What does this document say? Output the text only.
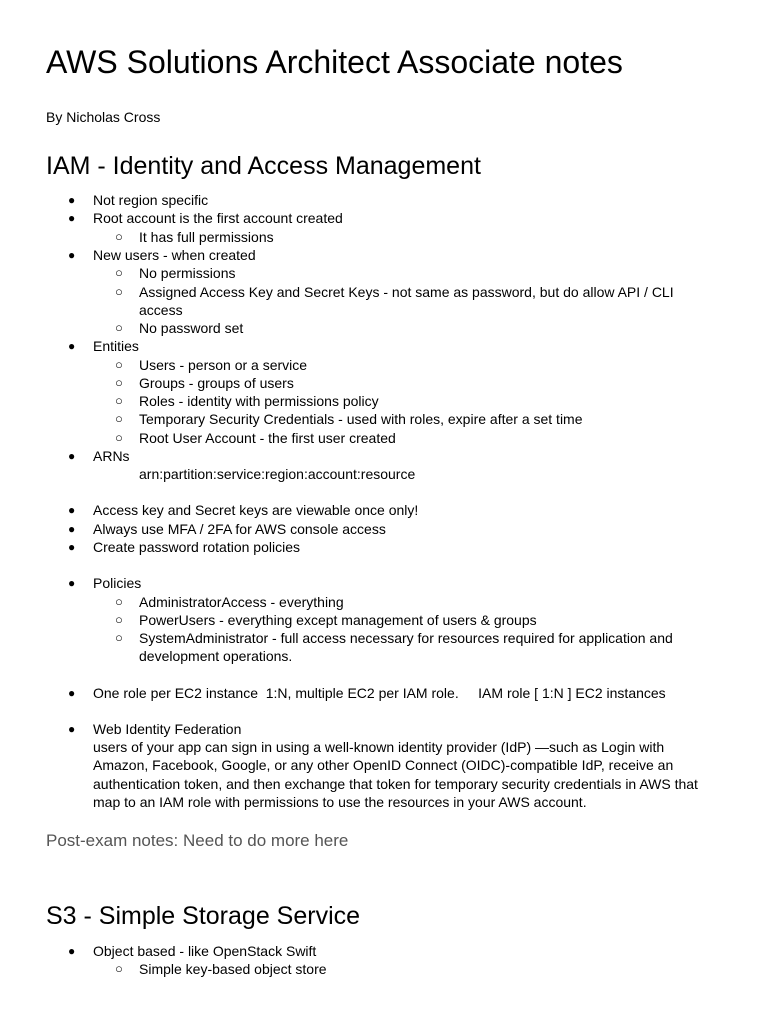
AWS Solutions Architect Associate notes

By Nicholas Cross

IAM - Identity and Access Management
● Not region specific
● Root account is the first account created
○ It has full permissions
● New users - when created
○ No permissions
○ Assigned Access Key and Secret Keys - not same as password, but do allow API / CLI
access
○ No password set
● Entities
○ Users - person or a service
○ Groups - groups of users
○ Roles - identity with permissions policy
○ Temporary Security Credentials - used with roles, expire after a set time
○ Root User Account - the first user created
● ARNs
arn:partition:service:region:account:resource
● Access key and Secret keys are viewable once only!
● Always use MFA / 2FA for AWS console access
● Create password rotation policies
● Policies
○ AdministratorAccess - everything
○ PowerUsers - everything except management of users & groups
○ SystemAdministrator - full access necessary for resources required for application and
development operations.
● One role per EC2 instance  1:N, multiple EC2 per IAM role.     IAM role [ 1:N ] EC2 instances
● Web Identity Federation
users of your app can sign in using a well-known identity provider (IdP) —such as Login with
Amazon, Facebook, Google, or any other OpenID Connect (OIDC)-compatible IdP, receive an
authentication token, and then exchange that token for temporary security credentials in AWS that
map to an IAM role with permissions to use the resources in your AWS account.

Post-exam notes: Need to do more here

S3 - Simple Storage Service
● Object based - like OpenStack Swift
○ Simple key-based object store
